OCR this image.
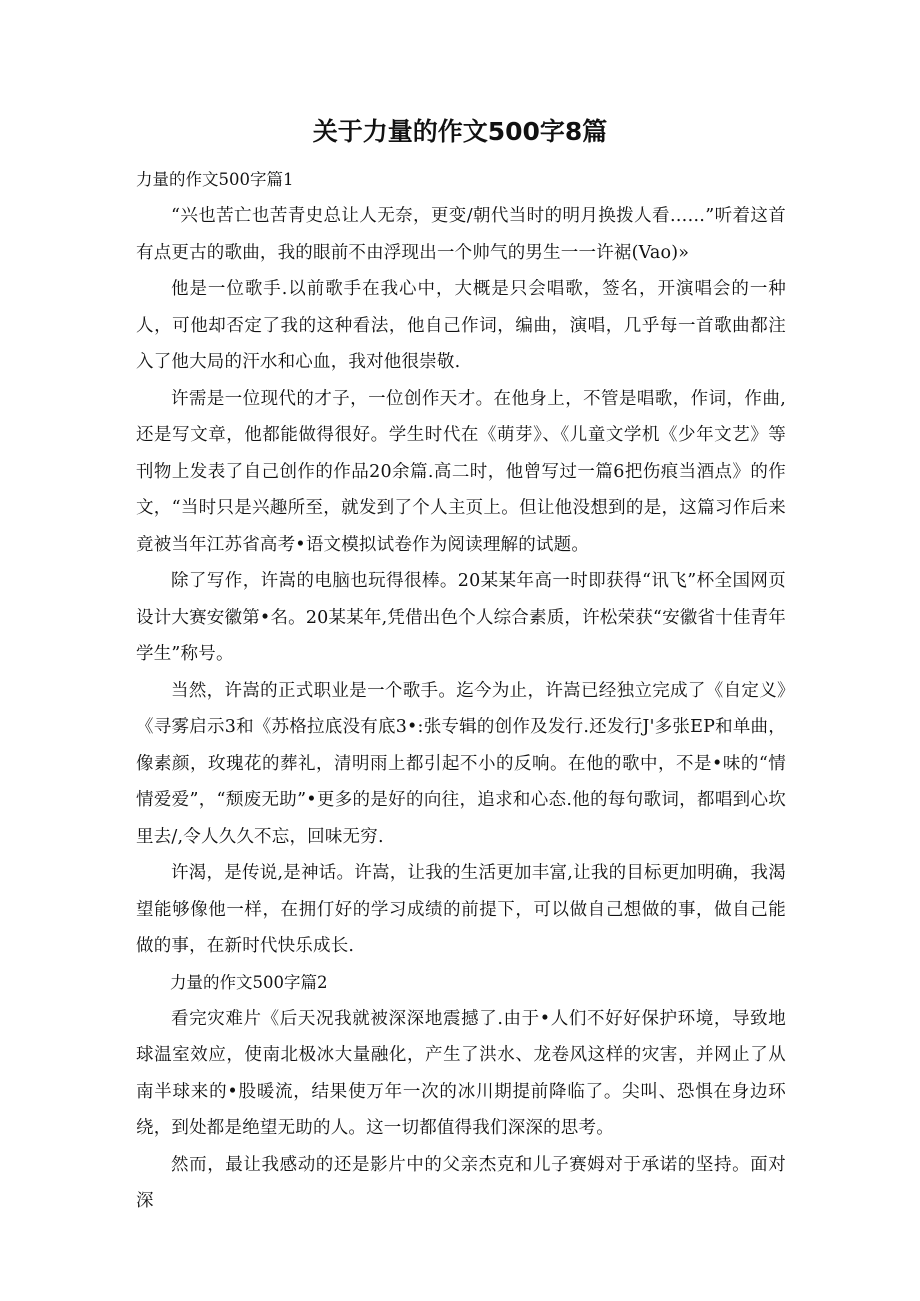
关于力量的作文500字8篇

力量的作文500字篇1

“兴也苦亡也苦青史总让人无奈，更变/朝代当时的明月换拨人看……”听着这首有点更古的歌曲，我的眼前不由浮现出一个帅气的男生一一许裾(Vao)»

他是一位歌手.以前歌手在我心中，大概是只会唱歌，签名，开演唱会的一种人，可他却否定了我的这种看法，他自己作词，编曲，演唱，几乎每一首歌曲都注入了他大局的汗水和心血，我对他很崇敬.

许需是一位现代的才子，一位创作天才。在他身上，不管是唱歌，作词，作曲,还是写文章，他都能做得很好。学生时代在《萌芽》、《儿童文学机《少年文艺》等刊物上发表了自己创作的作品20余篇.高二时，他曾写过一篇6把伤痕当酒点》的作文，“当时只是兴趣所至，就发到了个人主页上。但让他没想到的是，这篇习作后来竟被当年江苏省高考•语文模拟试卷作为阅读理解的试题。

除了写作，许嵩的电脑也玩得很棒。20某某年高一时即获得“讯飞”杯全国网页设计大赛安徽第•名。20某某年,凭借出色个人综合素质，许松荣获“安徽省十佳青年学生”称号。

当然，许嵩的正式职业是一个歌手。迄今为止，许嵩已经独立完成了《自定义》《寻雾启示3和《苏格拉底没有底3•:张专辑的创作及发行.还发行J'多张EP和单曲，像素颜，玫瑰花的葬礼，清明雨上都引起不小的反响。在他的歌中，不是•味的“情情爱爱”，“颓废无助”•更多的是好的向往，追求和心态.他的每句歌词，都唱到心坎里去/,令人久久不忘，回味无穷.

许渴，是传说,是神话。许嵩，让我的生活更加丰富,让我的目标更加明确，我渴望能够像他一样，在拥仃好的学习成绩的前提下，可以做自己想做的事，做自己能做的事，在新时代快乐成长.

力量的作文500字篇2

看完灾难片《后天况我就被深深地震撼了.由于•人们不好好保护环境，导致地球温室效应，使南北极冰大量融化，产生了洪水、龙卷风这样的灾害，并网止了从南半球来的•股暖流，结果使万年一次的冰川期提前降临了。尖叫、恐惧在身边环绕，到处都是绝望无助的人。这一切都值得我们深深的思考。

然而，最让我感动的还是影片中的父亲杰克和儿子赛姆对于承诺的坚持。面对深
